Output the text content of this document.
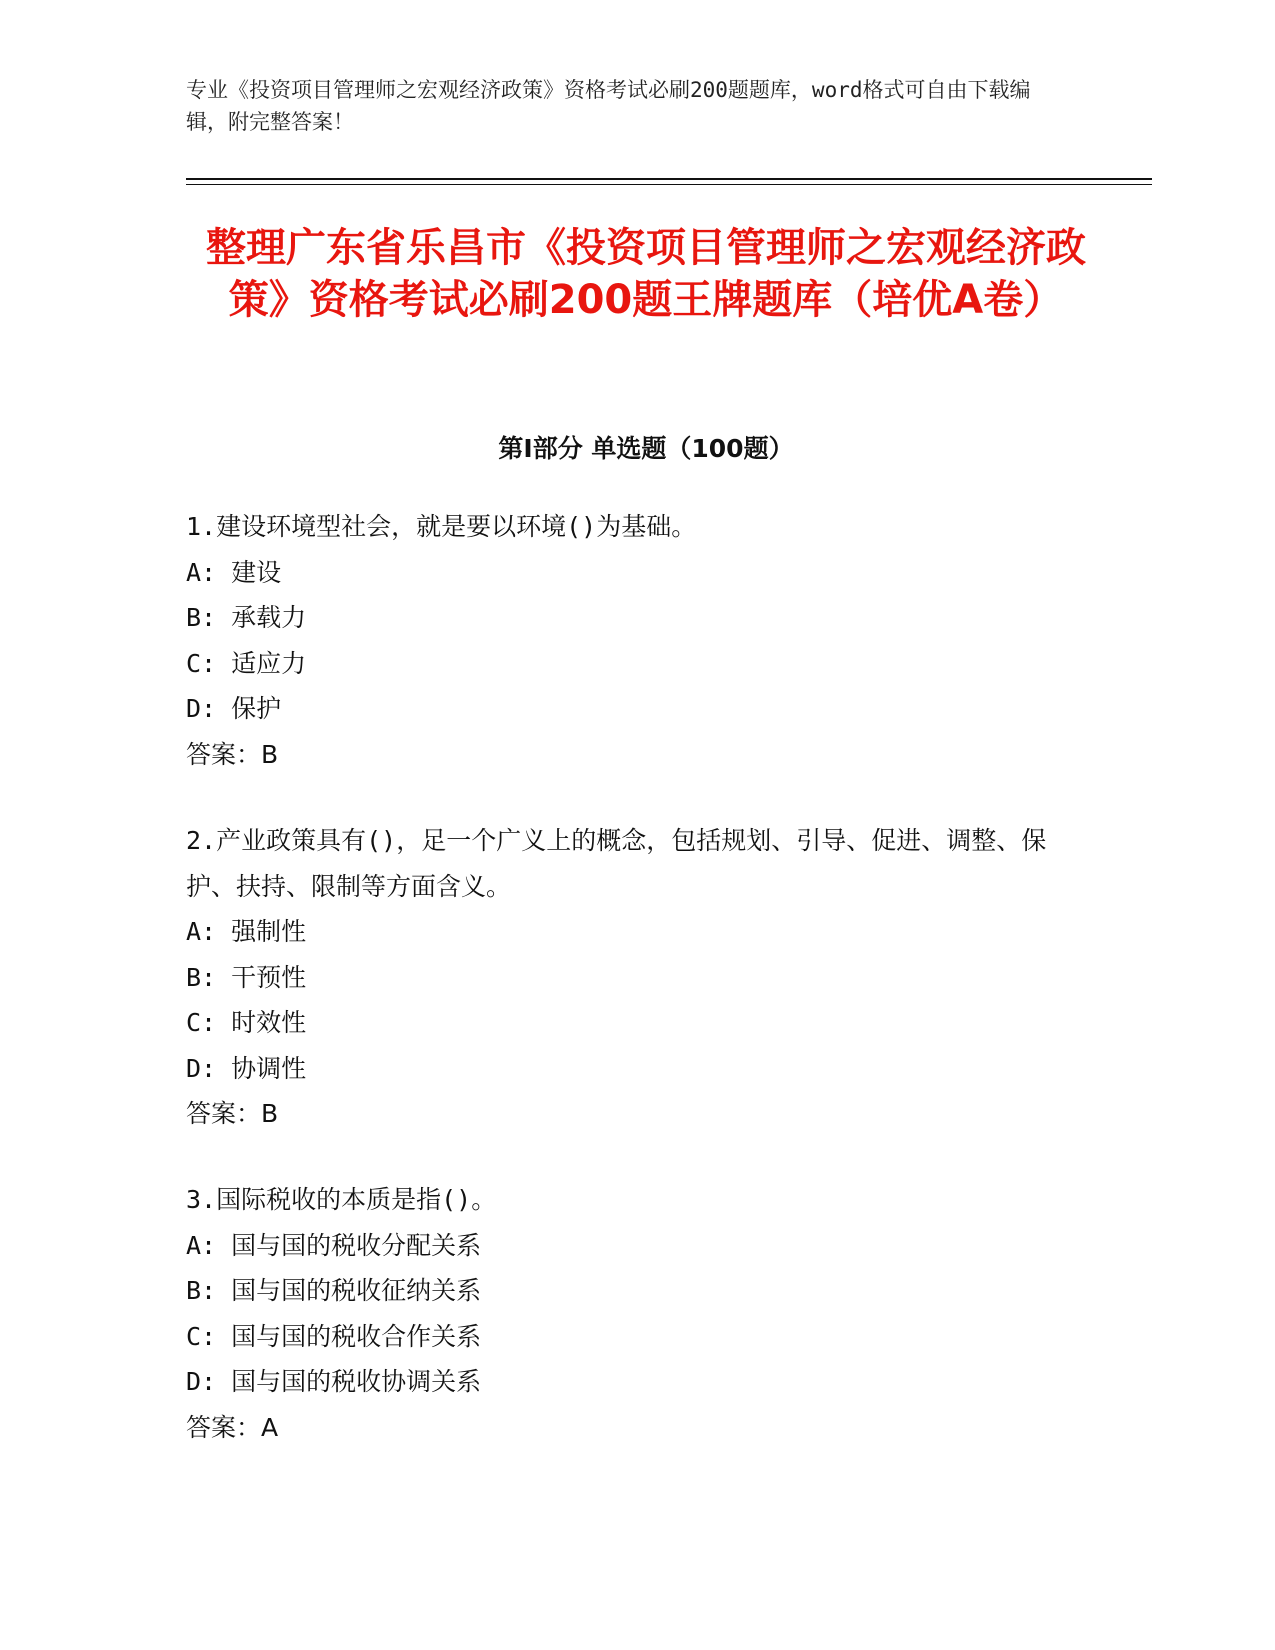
专业《投资项目管理师之宏观经济政策》资格考试必刷200题题库，word格式可自由下载编辑，附完整答案！
整理广东省乐昌市《投资项目管理师之宏观经济政策》资格考试必刷200题王牌题库（培优A卷）
第I部分 单选题（100题）
1.建设环境型社会，就是要以环境()为基础。
A: 建设
B: 承载力
C: 适应力
D: 保护
答案：B
2.产业政策具有()，足一个广义上的概念，包括规划、引导、促进、调整、保护、扶持、限制等方面含义。
A: 强制性
B: 干预性
C: 时效性
D: 协调性
答案：B
3.国际税收的本质是指()。
A: 国与国的税收分配关系
B: 国与国的税收征纳关系
C: 国与国的税收合作关系
D: 国与国的税收协调关系
答案：A
